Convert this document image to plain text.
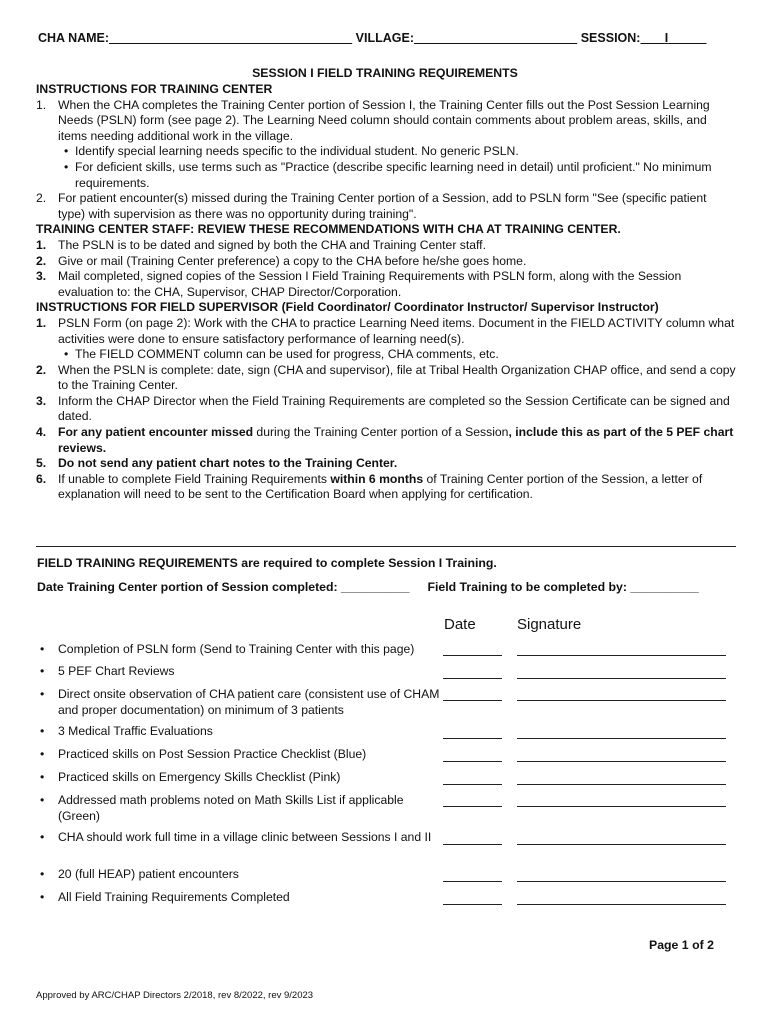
CHA NAME:	VILLAGE:	SESSION: I
SESSION I FIELD TRAINING REQUIREMENTS
INSTRUCTIONS FOR TRAINING CENTER
1. When the CHA completes the Training Center portion of Session I, the Training Center fills out the Post Session Learning Needs (PSLN) form (see page 2). The Learning Need column should contain comments about problem areas, skills, and items needing additional work in the village.
• Identify special learning needs specific to the individual student. No generic PSLN.
• For deficient skills, use terms such as "Practice (describe specific learning need in detail) until proficient." No minimum requirements.
2. For patient encounter(s) missed during the Training Center portion of a Session, add to PSLN form "See (specific patient type) with supervision as there was no opportunity during training".
TRAINING CENTER STAFF: REVIEW THESE RECOMMENDATIONS WITH CHA AT TRAINING CENTER.
1. The PSLN is to be dated and signed by both the CHA and Training Center staff.
2. Give or mail (Training Center preference) a copy to the CHA before he/she goes home.
3. Mail completed, signed copies of the Session I Field Training Requirements with PSLN form, along with the Session evaluation to: the CHA, Supervisor, CHAP Director/Corporation.
INSTRUCTIONS FOR FIELD SUPERVISOR (Field Coordinator/ Coordinator Instructor/ Supervisor Instructor)
1. PSLN Form (on page 2): Work with the CHA to practice Learning Need items. Document in the FIELD ACTIVITY column what activities were done to ensure satisfactory performance of learning need(s).
• The FIELD COMMENT column can be used for progress, CHA comments, etc.
2. When the PSLN is complete: date, sign (CHA and supervisor), file at Tribal Health Organization CHAP office, and send a copy to the Training Center.
3. Inform the CHAP Director when the Field Training Requirements are completed so the Session Certificate can be signed and dated.
4. For any patient encounter missed during the Training Center portion of a Session, include this as part of the 5 PEF chart reviews.
5. Do not send any patient chart notes to the Training Center.
6. If unable to complete Field Training Requirements within 6 months of Training Center portion of the Session, a letter of explanation will need to be sent to the Certification Board when applying for certification.
FIELD TRAINING REQUIREMENTS are required to complete Session I Training.
Date Training Center portion of Session completed: __________ Field Training to be completed by: __________
Date	Signature
•	Completion of PSLN form (Send to Training Center with this page)
•	5 PEF Chart Reviews
•	Direct onsite observation of CHA patient care (consistent use of CHAM and proper documentation) on minimum of 3 patients
•	3 Medical Traffic Evaluations
•	Practiced skills on Post Session Practice Checklist (Blue)
•	Practiced skills on Emergency Skills Checklist (Pink)
•	Addressed math problems noted on Math Skills List if applicable (Green)
•	CHA should work full time in a village clinic between Sessions I and II
•	20 (full HEAP) patient encounters
•	All Field Training Requirements Completed
Page 1 of 2
Approved by ARC/CHAP Directors 2/2018, rev 8/2022, rev 9/2023
